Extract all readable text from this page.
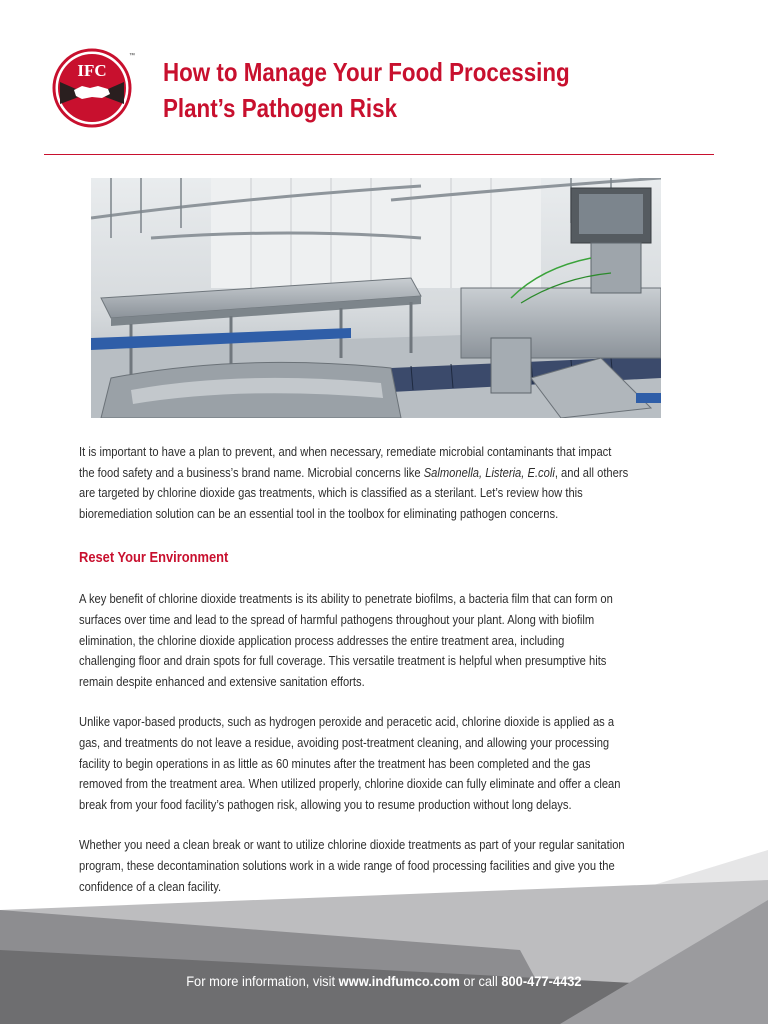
IFC
™
How to Manage Your Food Processing
Plant’s Pathogen Risk
It is important to have a plan to prevent, and when necessary, remediate microbial contaminants that impact
the food safety and a business’s brand name. Microbial concerns like Salmonella, Listeria, E.coli, and all others
are targeted by chlorine dioxide gas treatments, which is classified as a sterilant. Let’s review how this
bioremediation solution can be an essential tool in the toolbox for eliminating pathogen concerns.
Reset Your Environment
A key benefit of chlorine dioxide treatments is its ability to penetrate biofilms, a bacteria film that can form on
surfaces over time and lead to the spread of harmful pathogens throughout your plant. Along with biofilm
elimination, the chlorine dioxide application process addresses the entire treatment area, including
challenging floor and drain spots for full coverage. This versatile treatment is helpful when presumptive hits
remain despite enhanced and extensive sanitation efforts.
Unlike vapor-based products, such as hydrogen peroxide and peracetic acid, chlorine dioxide is applied as a
gas, and treatments do not leave a residue, avoiding post-treatment cleaning, and allowing your processing
facility to begin operations in as little as 60 minutes after the treatment has been completed and the gas
removed from the treatment area. When utilized properly, chlorine dioxide can fully eliminate and offer a clean
break from your food facility’s pathogen risk, allowing you to resume production without long delays.
Whether you need a clean break or want to utilize chlorine dioxide treatments as part of your regular sanitation
program, these decontamination solutions work in a wide range of food processing facilities and give you the
confidence of a clean facility.
For more information, visit www.indfumco.com or call 800-477-4432
